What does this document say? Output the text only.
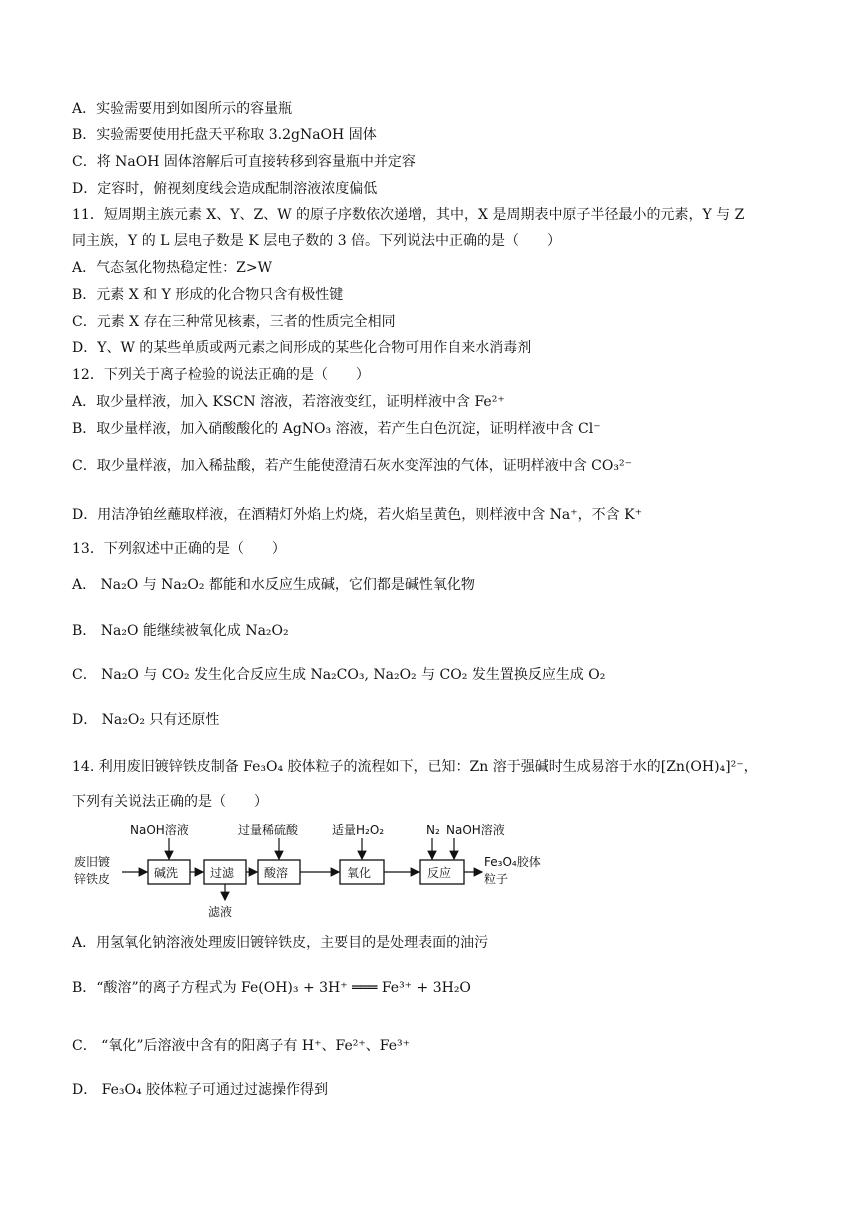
A．实验需要用到如图所示的容量瓶
B．实验需要使用托盘天平称取 3.2gNaOH 固体
C．将 NaOH 固体溶解后可直接转移到容量瓶中并定容
D．定容时，俯视刻度线会造成配制溶液浓度偏低
11．短周期主族元素 X、Y、Z、W 的原子序数依次递增，其中，X 是周期表中原子半径最小的元素，Y 与 Z
同主族，Y 的 L 层电子数是 K 层电子数的 3 倍。下列说法中正确的是（　　）
A．气态氢化物热稳定性：Z>W
B．元素 X 和 Y 形成的化合物只含有极性键
C．元素 X 存在三种常见核素，三者的性质完全相同
D．Y、W 的某些单质或两元素之间形成的某些化合物可用作自来水消毒剂
12．下列关于离子检验的说法正确的是（　　）
A．取少量样液，加入 KSCN 溶液，若溶液变红，证明样液中含 Fe²⁺
B．取少量样液，加入硝酸酸化的 AgNO₃ 溶液，若产生白色沉淀，证明样液中含 Cl⁻
C．取少量样液，加入稀盐酸，若产生能使澄清石灰水变浑浊的气体，证明样液中含 CO₃²⁻
D．用洁净铂丝蘸取样液，在酒精灯外焰上灼烧，若火焰呈黄色，则样液中含 Na⁺，不含 K⁺
13．下列叙述中正确的是（　　）
A． Na₂O 与 Na₂O₂ 都能和水反应生成碱，它们都是碱性氧化物
B． Na₂O 能继续被氧化成 Na₂O₂
C． Na₂O 与 CO₂ 发生化合反应生成 Na₂CO₃, Na₂O₂ 与 CO₂ 发生置换反应生成 O₂
D． Na₂O₂ 只有还原性
14. 利用废旧镀锌铁皮制备 Fe₃O₄ 胶体粒子的流程如下，已知：Zn 溶于强碱时生成易溶于水的[Zn(OH)₄]²⁻，
下列有关说法正确的是（　　）
废旧镀
锌铁皮	碱洗	过滤 酸溶	氧化	反应
NaOH溶液	过量稀硫酸	适量H₂O₂	N₂ NaOH溶液
滤液
Fe₃O₄胶体
粒子
A．用氢氧化钠溶液处理废旧镀锌铁皮，主要目的是处理表面的油污
B．“酸溶”的离子方程式为 Fe(OH)₃ + 3H⁺ ═══ Fe³⁺ + 3H₂O
C． “氧化”后溶液中含有的阳离子有 H⁺、Fe²⁺、Fe³⁺
D． Fe₃O₄ 胶体粒子可通过过滤操作得到
